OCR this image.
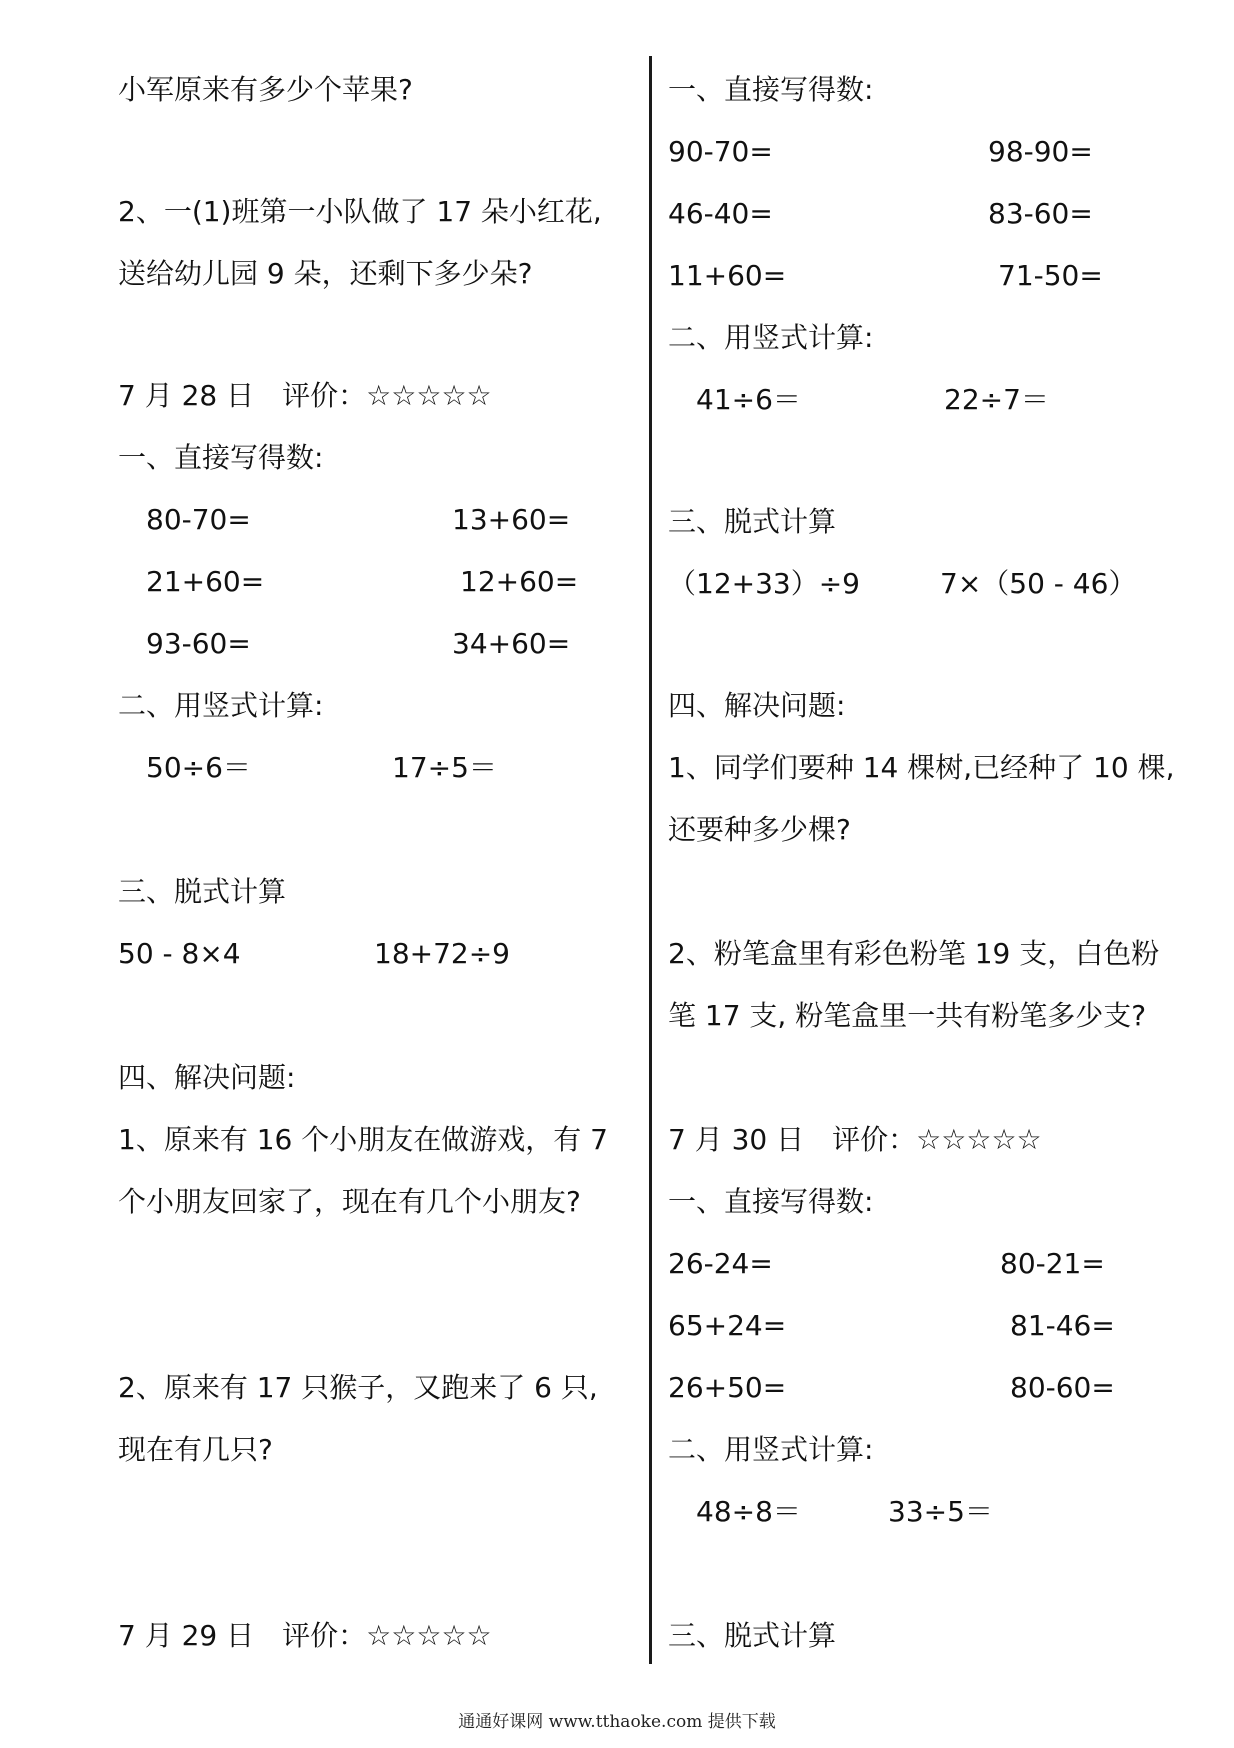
小军原来有多少个苹果?
2、一(1)班第一小队做了 17 朵小红花,
送给幼儿园 9 朵，还剩下多少朵?
7 月 28 日　评价：☆☆☆☆☆
一、直接写得数:
80-70=	13+60=
21+60=	12+60=
93-60=	34+60=
二、用竖式计算:
50÷6＝	17÷5＝
三、脱式计算
50 - 8×4	18+72÷9
四、解决问题:
1、原来有 16 个小朋友在做游戏，有 7
个小朋友回家了，现在有几个小朋友?
2、原来有 17 只猴子，又跑来了 6 只,
现在有几只?
7 月 29 日　评价：☆☆☆☆☆
一、直接写得数:
90-70=	98-90=
46-40=	83-60=
11+60=	71-50=
二、用竖式计算:
41÷6＝	22÷7＝
三、脱式计算
（12+33）÷9	7×（50 - 46）
四、解决问题:
1、同学们要种 14 棵树,已经种了 10 棵,
还要种多少棵?
2、粉笔盒里有彩色粉笔 19 支，白色粉
笔 17 支, 粉笔盒里一共有粉笔多少支?
7 月 30 日　评价：☆☆☆☆☆
一、直接写得数:
26-24=	80-21=
65+24=	81-46=
26+50=	80-60=
二、用竖式计算:
48÷8＝	33÷5＝
三、脱式计算
通通好课网 www.tthaoke.com 提供下载
